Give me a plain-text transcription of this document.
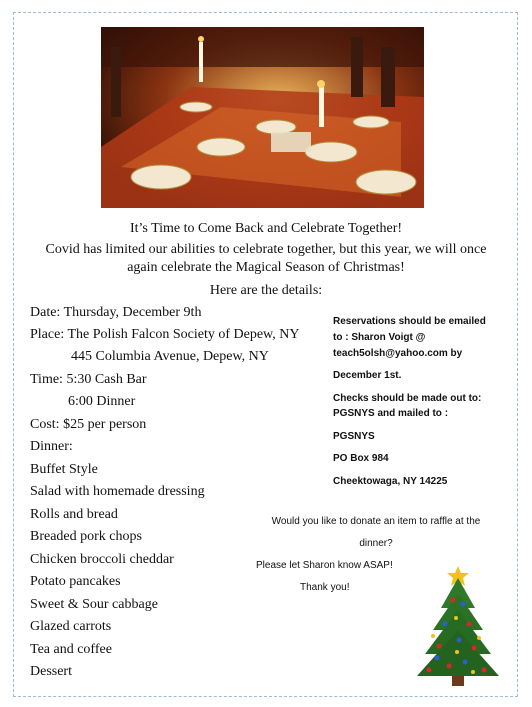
It’s Time to Come Back and Celebrate Together!
Covid has limited our abilities to celebrate together, but this year, we will once
again celebrate the Magical Season of Christmas!
Here are the details:
Date: Thursday, December 9th
Place: The Polish Falcon Society of Depew, NY
445 Columbia Avenue, Depew, NY
Time: 5:30 Cash Bar
6:00 Dinner
Cost: $25 per person
Dinner:
Buffet Style
Salad with homemade dressing
Rolls and bread
Breaded pork chops
Chicken broccoli cheddar
Potato pancakes
Sweet & Sour cabbage
Glazed carrots
Tea and coffee
Dessert
Reservations should be emailed
to : Sharon Voigt @
teach5olsh@yahoo.com by
December 1st.
Checks should be made out to:
PGSNYS and mailed to :
PGSNYS
PO Box 984
Cheektowaga, NY 14225
Would you like to donate an item to raffle at the
dinner?
Please let Sharon know ASAP!
Thank you!
